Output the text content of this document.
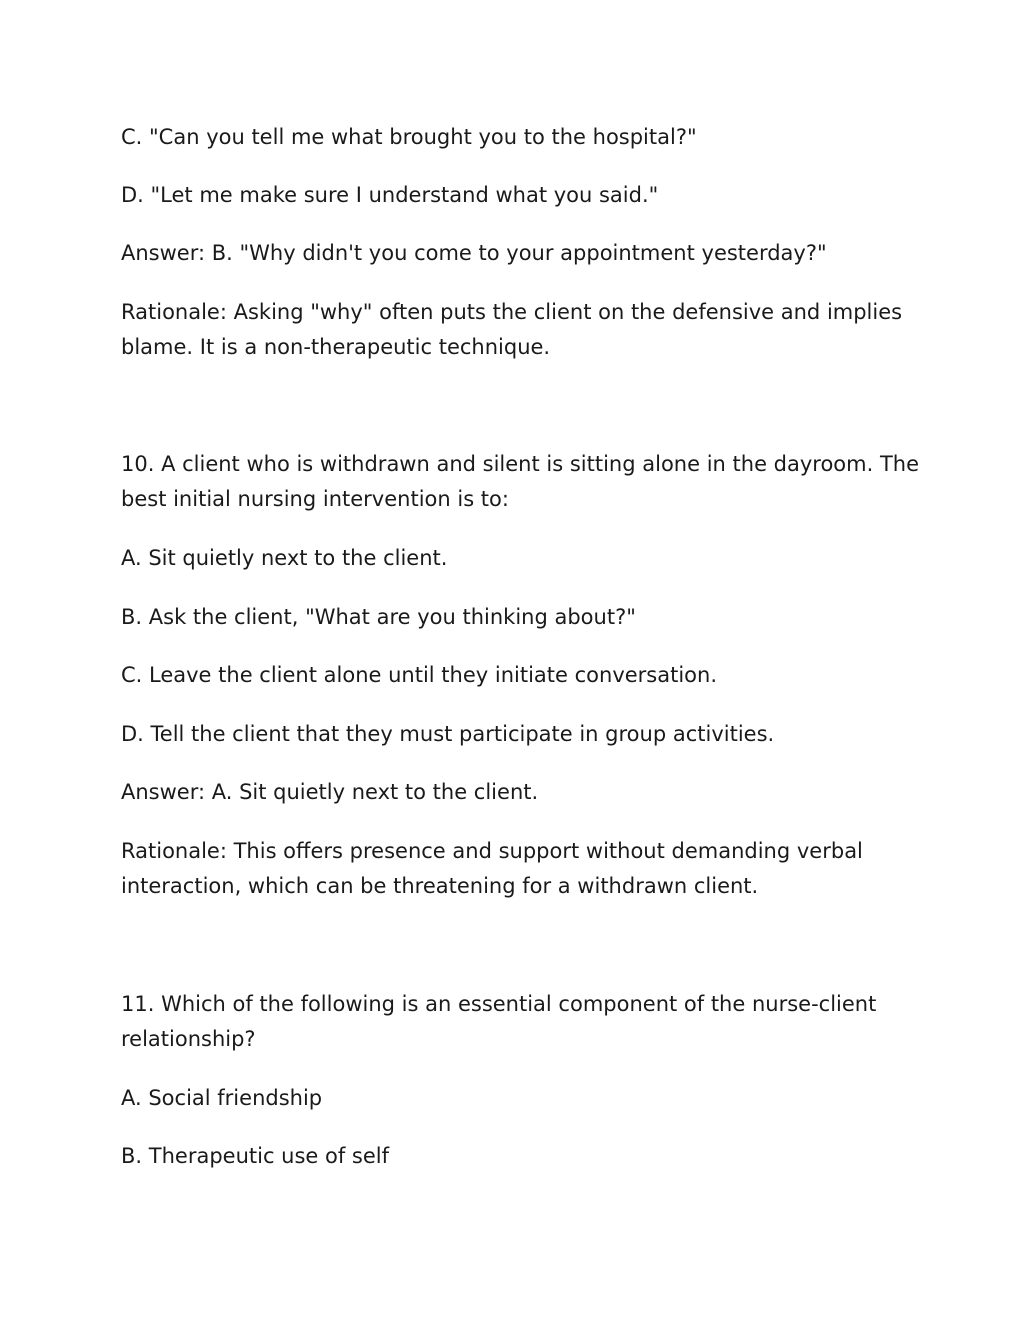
C. "Can you tell me what brought you to the hospital?"

D. "Let me make sure I understand what you said."

Answer: B. "Why didn't you come to your appointment yesterday?"

Rationale: Asking "why" often puts the client on the defensive and implies blame. It is a non-therapeutic technique.

10. A client who is withdrawn and silent is sitting alone in the dayroom. The best initial nursing intervention is to:

A. Sit quietly next to the client.

B. Ask the client, "What are you thinking about?"

C. Leave the client alone until they initiate conversation.

D. Tell the client that they must participate in group activities.

Answer: A. Sit quietly next to the client.

Rationale: This offers presence and support without demanding verbal interaction, which can be threatening for a withdrawn client.

11. Which of the following is an essential component of the nurse-client relationship?

A. Social friendship

B. Therapeutic use of self
